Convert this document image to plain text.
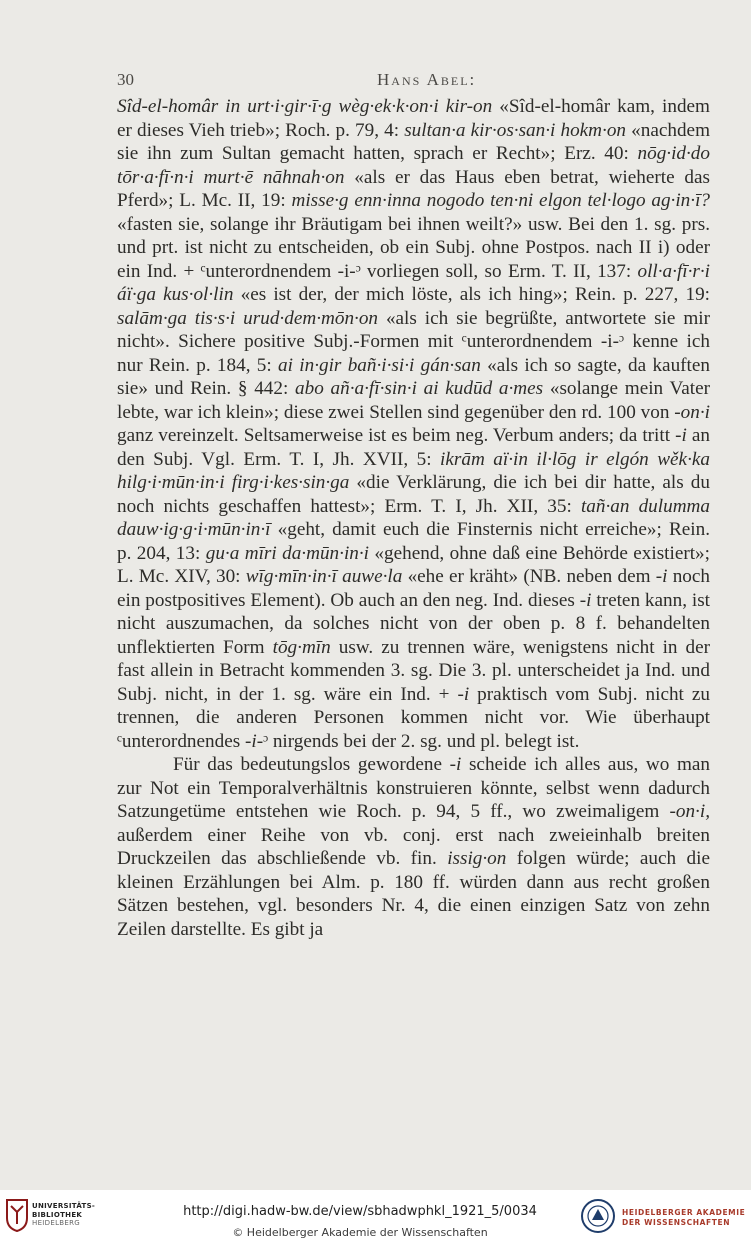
30	Hans Abel:

Sîd-el-homâr in urt·i·gir·ī·g wèg·ek·k·on·i kir-on «Sîd-el-homâr kam, indem er dieses Vieh trieb»; Roch. p. 79, 4: sultan·a kir·os·san·i hokm·on «nachdem sie ihn zum Sultan gemacht hatten, sprach er Recht»; Erz. 40: nōg·id·do tōr·a·fī·n·i murt·ē nāhnah·on «als er das Haus eben betrat, wieherte das Pferd»; L. Mc. II, 19: misse·g enn·inna nogodo ten·ni elgon tel·logo ag·in·ī? «fasten sie, solange ihr Bräutigam bei ihnen weilt?» usw. Bei den 1. sg. prs. und prt. ist nicht zu entscheiden, ob ein Subj. ohne Postpos. nach II i) oder ein Ind. + ᶜunterordnendem -i-ᵓ vorliegen soll, so Erm. T. II, 137: oll·a·fī·r·i áï·ga kus·ol·lin «es ist der, der mich löste, als ich hing»; Rein. p. 227, 19: salām·ga tis·s·i urud·dem·mōn·on «als ich sie begrüßte, antwortete sie mir nicht». Sichere positive Subj.-Formen mit ᶜunterordnendem -i-ᵓ kenne ich nur Rein. p. 184, 5: ai in·gir bañ·i·si·i gán·san «als ich so sagte, da kauften sie» und Rein. § 442: abo añ·a·fī·sin·i ai kudūd a·mes «solange mein Vater lebte, war ich klein»; diese zwei Stellen sind gegenüber den rd. 100 von -on·i ganz vereinzelt. Seltsamerweise ist es beim neg. Verbum anders; da tritt -i an den Subj. Vgl. Erm. T. I, Jh. XVII, 5: ikrām aï·in il·lōg ir elgón wěk·ka hilg·i·mūn·in·i firg·i·kes·sin·ga «die Verklärung, die ich bei dir hatte, als du noch nichts geschaffen hattest»; Erm. T. I, Jh. XII, 35: tañ·an dulumma dauw·ig·g·i·mūn·in·ī «geht, damit euch die Finsternis nicht erreiche»; Rein. p. 204, 13: gu·a mīri da·mūn·in·i «gehend, ohne daß eine Behörde existiert»; L. Mc. XIV, 30: wīg·mīn·in·ī auwe·la «ehe er kräht» (NB. neben dem -i noch ein postpositives Element). Ob auch an den neg. Ind. dieses -i treten kann, ist nicht auszumachen, da solches nicht von der oben p. 8 f. behandelten unflektierten Form tōg·mīn usw. zu trennen wäre, wenigstens nicht in der fast allein in Betracht kommenden 3. sg. Die 3. pl. unterscheidet ja Ind. und Subj. nicht, in der 1. sg. wäre ein Ind. + -i praktisch vom Subj. nicht zu trennen, die anderen Personen kommen nicht vor. Wie überhaupt ᶜunterordnendes -i-ᵓ nirgends bei der 2. sg. und pl. belegt ist.

Für das bedeutungslos gewordene -i scheide ich alles aus, wo man zur Not ein Temporalverhältnis konstruieren könnte, selbst wenn dadurch Satzungetüme entstehen wie Roch. p. 94, 5 ff., wo zweimaligem -on·i, außerdem einer Reihe von vb. conj. erst nach zweieinhalb breiten Druckzeilen das abschließende vb. fin. issig·on folgen würde; auch die kleinen Erzählungen bei Alm. p. 180 ff. würden dann aus recht großen Sätzen bestehen, vgl. besonders Nr. 4, die einen einzigen Satz von zehn Zeilen darstellte. Es gibt ja

UNIVERSITÄTS-
BIBLIOTHEK
HEIDELBERG
http://digi.hadw-bw.de/view/sbhadwphkl_1921_5/0034
© Heidelberger Akademie der Wissenschaften
HEIDELBERGER AKADEMIE
DER WISSENSCHAFTEN
